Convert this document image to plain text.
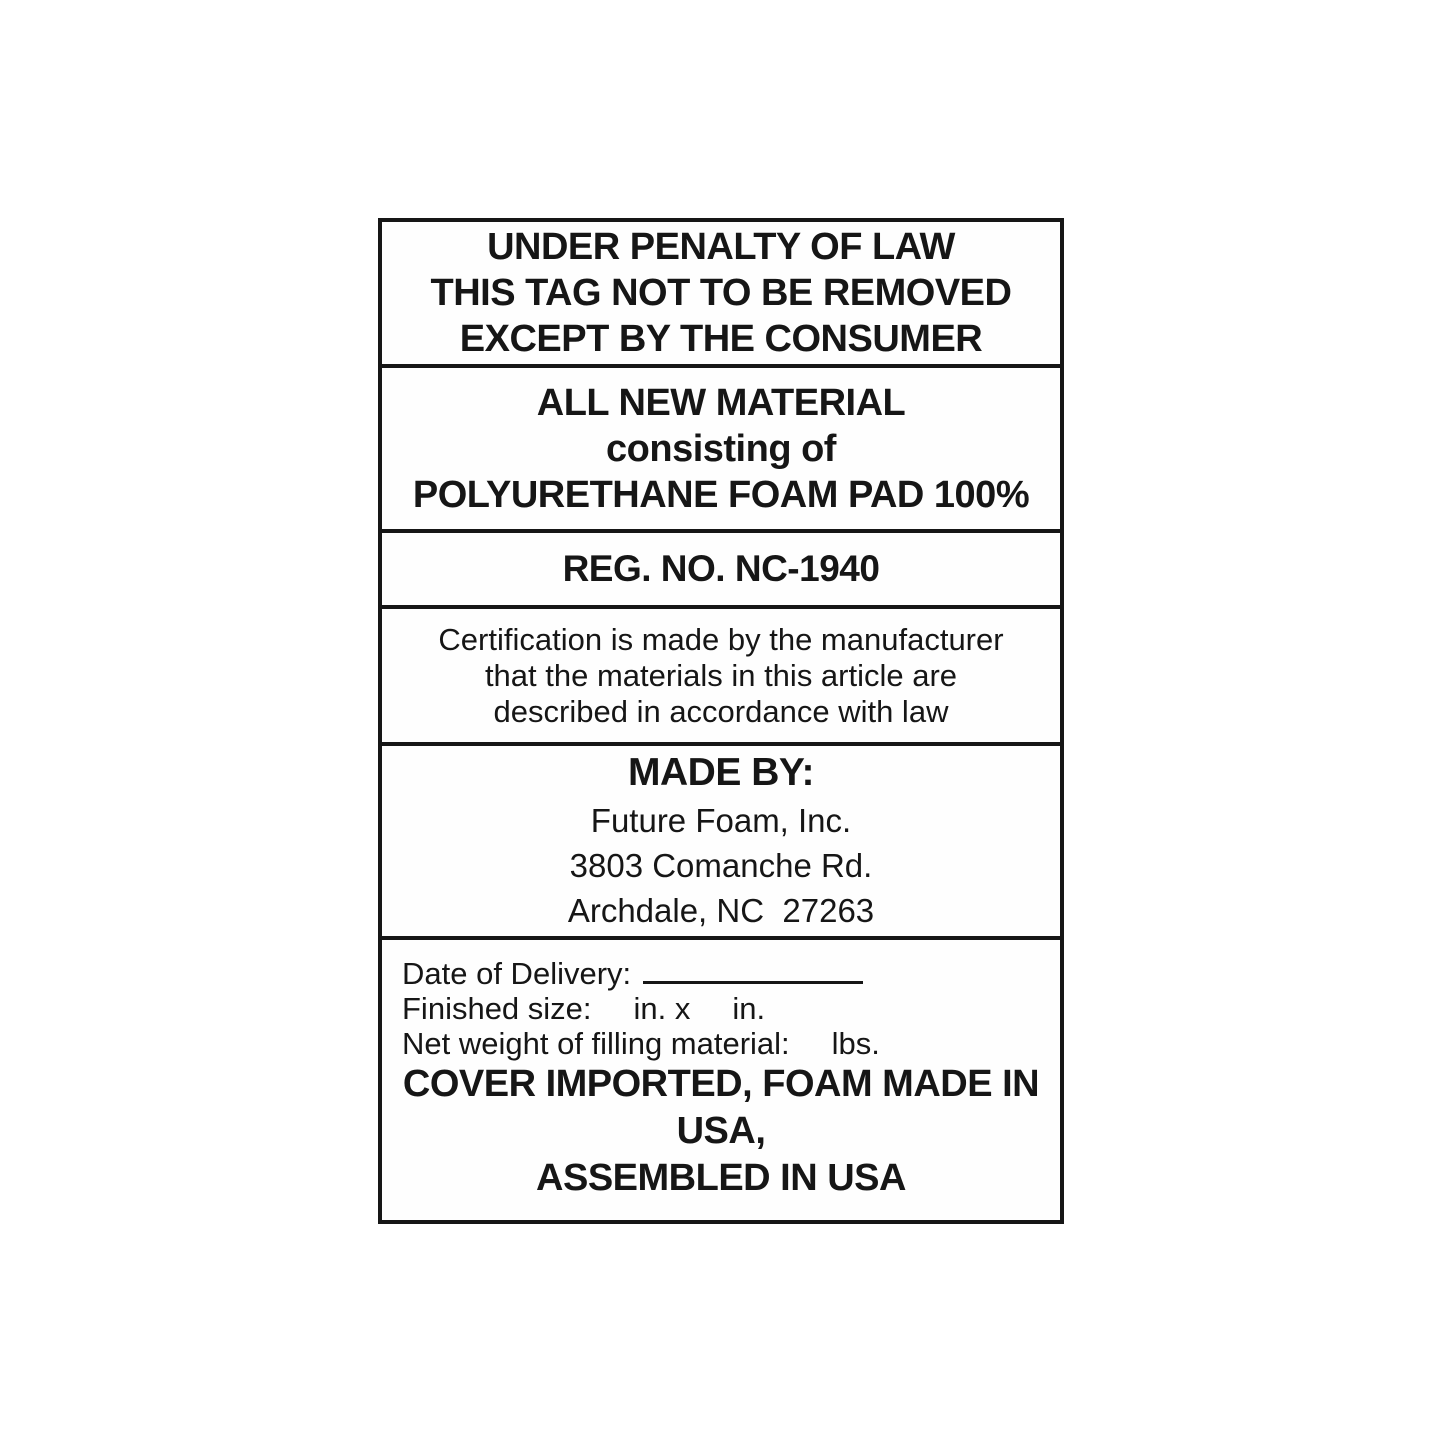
UNDER PENALTY OF LAW
THIS TAG NOT TO BE REMOVED
EXCEPT BY THE CONSUMER
ALL NEW MATERIAL
consisting of
POLYURETHANE FOAM PAD 100%
REG. NO. NC-1940
Certification is made by the manufacturer
that the materials in this article are
described in accordance with law
MADE BY:
Future Foam, Inc.
3803 Comanche Rd.
Archdale, NC  27263
Date of Delivery:
Finished size: in. x in.
Net weight of filling material: lbs.
COVER IMPORTED, FOAM MADE IN USA,
ASSEMBLED IN USA
